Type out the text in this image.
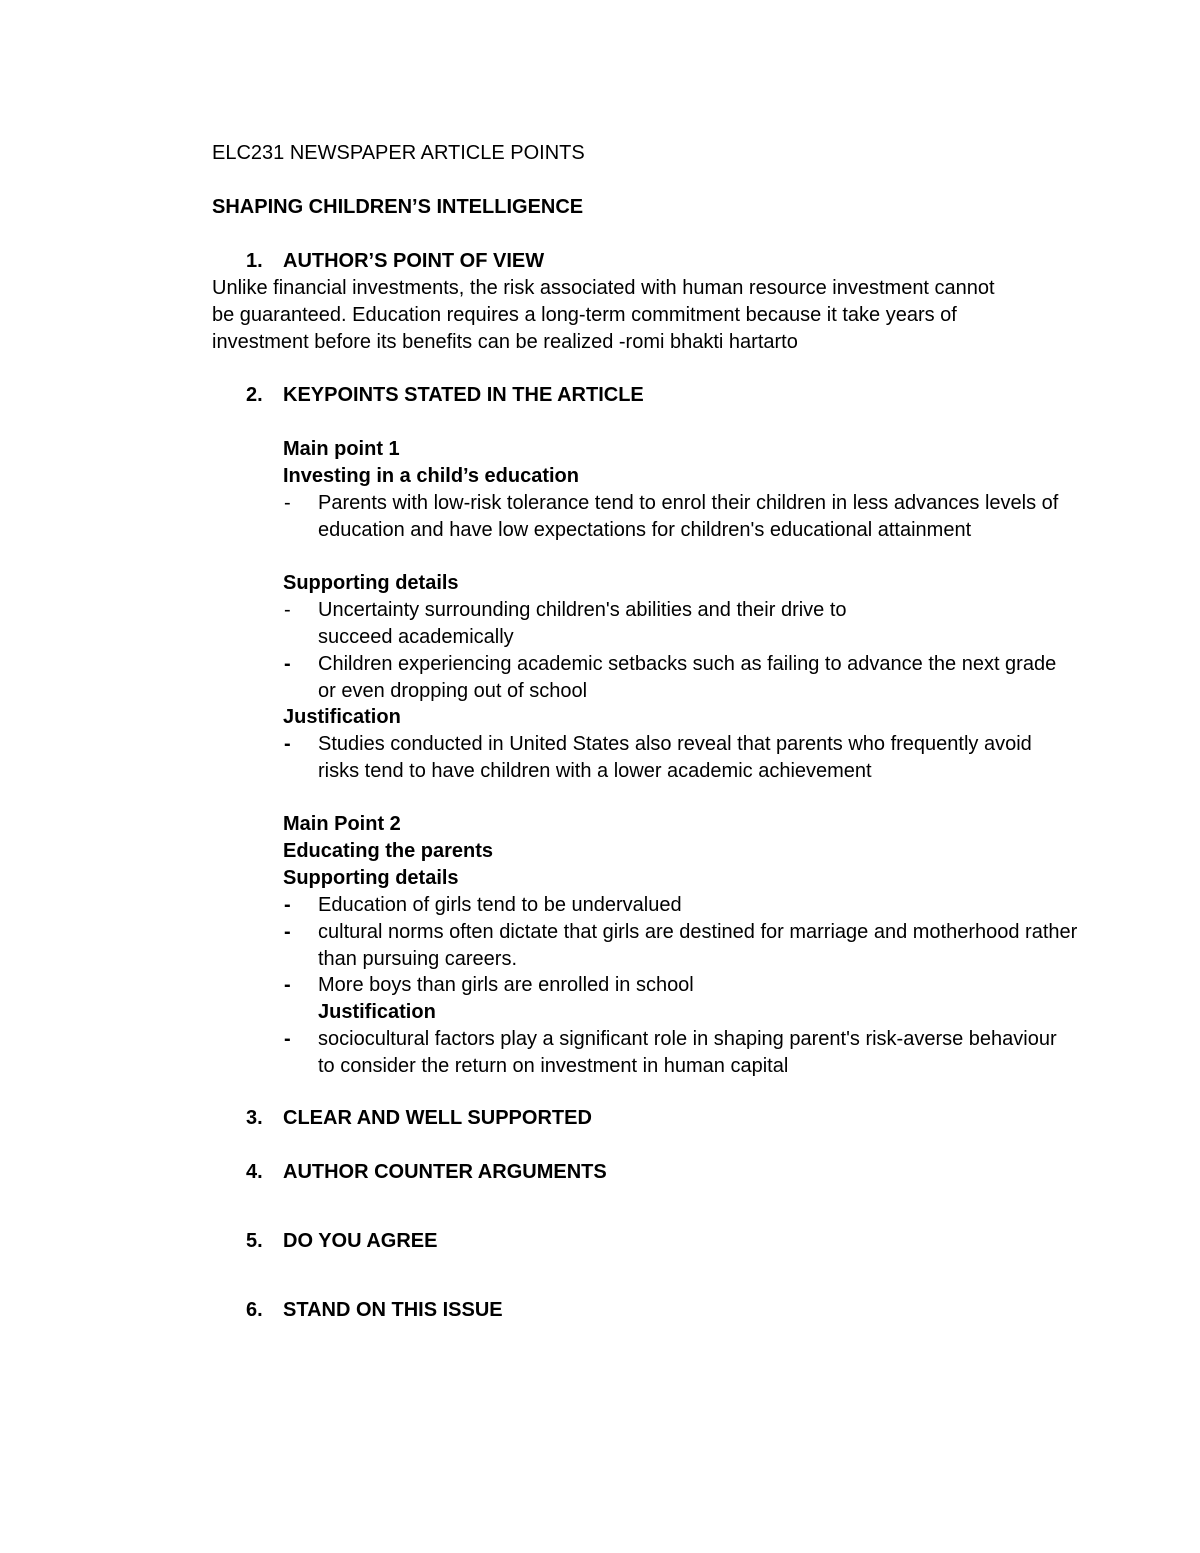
ELC231 NEWSPAPER ARTICLE POINTS
SHAPING CHILDREN’S INTELLIGENCE
1. AUTHOR’S POINT OF VIEW
Unlike financial investments, the risk associated with human resource investment cannot
be guaranteed. Education requires a long-term commitment because it take years of
investment before its benefits can be realized -romi bhakti hartarto
2. KEYPOINTS STATED IN THE ARTICLE
Main point 1
Investing in a child’s education
- Parents with low-risk tolerance tend to enrol their children in less advances levels of education and have low expectations for children's educational attainment
Supporting details
- Uncertainty surrounding children's abilities and their drive to
succeed academically
- Children experiencing academic setbacks such as failing to advance the next grade or even dropping out of school
Justification
- Studies conducted in United States also reveal that parents who frequently avoid risks tend to have children with a lower academic achievement
Main Point 2
Educating the parents
Supporting details
- Education of girls tend to be undervalued
- cultural norms often dictate that girls are destined for marriage and motherhood rather than pursuing careers.
- More boys than girls are enrolled in school
Justification
- sociocultural factors play a significant role in shaping parent's risk-averse behaviour to consider the return on investment in human capital
3. CLEAR AND WELL SUPPORTED
4. AUTHOR COUNTER ARGUMENTS
5. DO YOU AGREE
6. STAND ON THIS ISSUE
